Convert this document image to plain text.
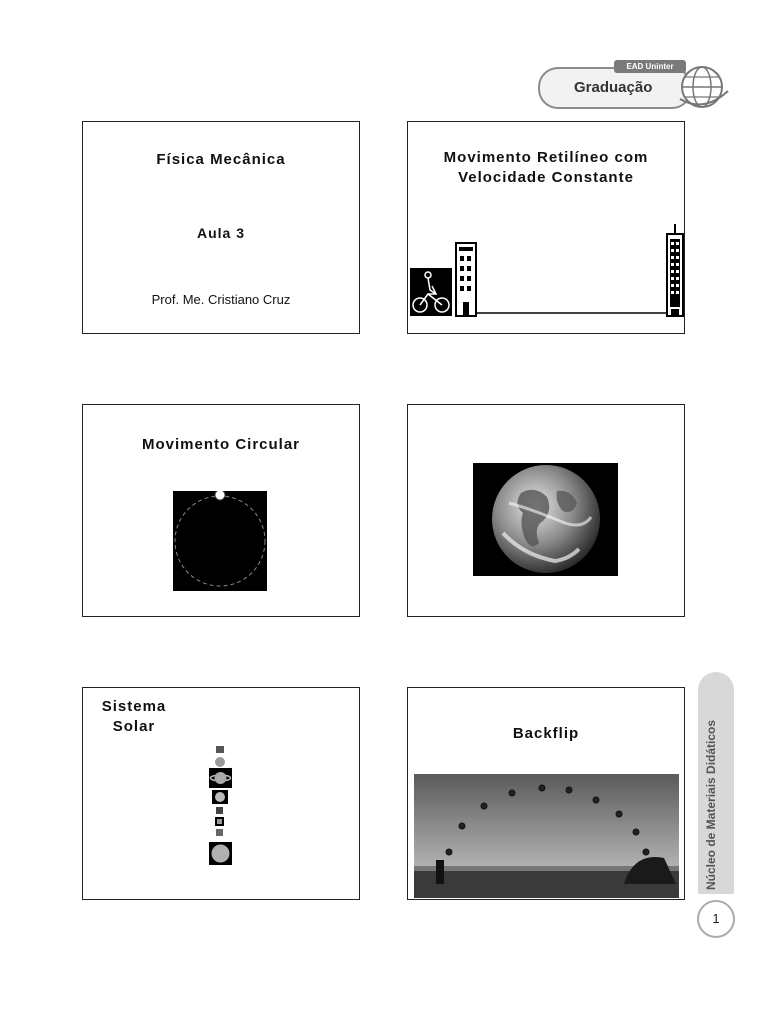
EAD Uninter
Graduação
Física Mecânica
Aula 3
Prof. Me. Cristiano Cruz
Movimento Retilíneo com
Velocidade Constante
Movimento Circular
Sistema
Solar	Backflip	Núcleo de Materiais Didáticos
1
